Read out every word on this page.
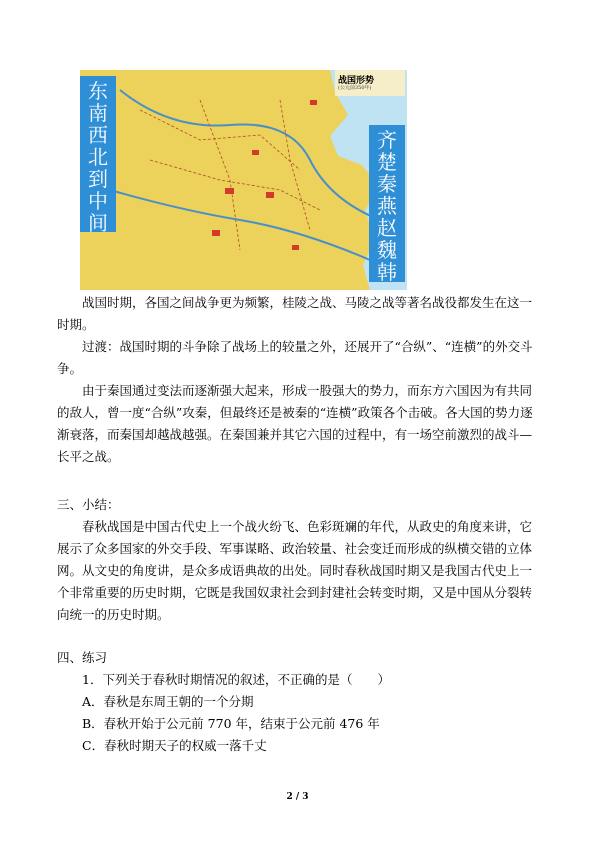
战国形势
(公元前350年)
东南西北到中间
齐楚秦燕赵魏韩
战国时期，各国之间战争更为频繁，桂陵之战、马陵之战等著名战役都发生在这一时期。
过渡：战国时期的斗争除了战场上的较量之外，还展开了“合纵”、“连横”的外交斗争。
由于秦国通过变法而逐渐强大起来，形成一股强大的势力，而东方六国因为有共同的敌人，曾一度“合纵”攻秦，但最终还是被秦的“连横”政策各个击破。各大国的势力逐渐衰落，而秦国却越战越强。在秦国兼并其它六国的过程中，有一场空前激烈的战斗—长平之战。
三、小结：
春秋战国是中国古代史上一个战火纷飞、色彩斑斓的年代，从政史的角度来讲，它展示了众多国家的外交手段、军事谋略、政治较量、社会变迁而形成的纵横交错的立体网。 从文史的角度讲，是众多成语典故的出处。同时春秋战国时期又是我国古代史上一个非常重要的历史时期，它既是我国奴隶社会到封建社会转变时期，又是中国从分裂转向统一的历史时期。
四、练习
1．下列关于春秋时期情况的叙述，不正确的是（　　）
A．春秋是东周王朝的一个分期
B．春秋开始于公元前 770 年，结束于公元前 476 年
C．春秋时期天子的权威一落千丈
2 / 3
